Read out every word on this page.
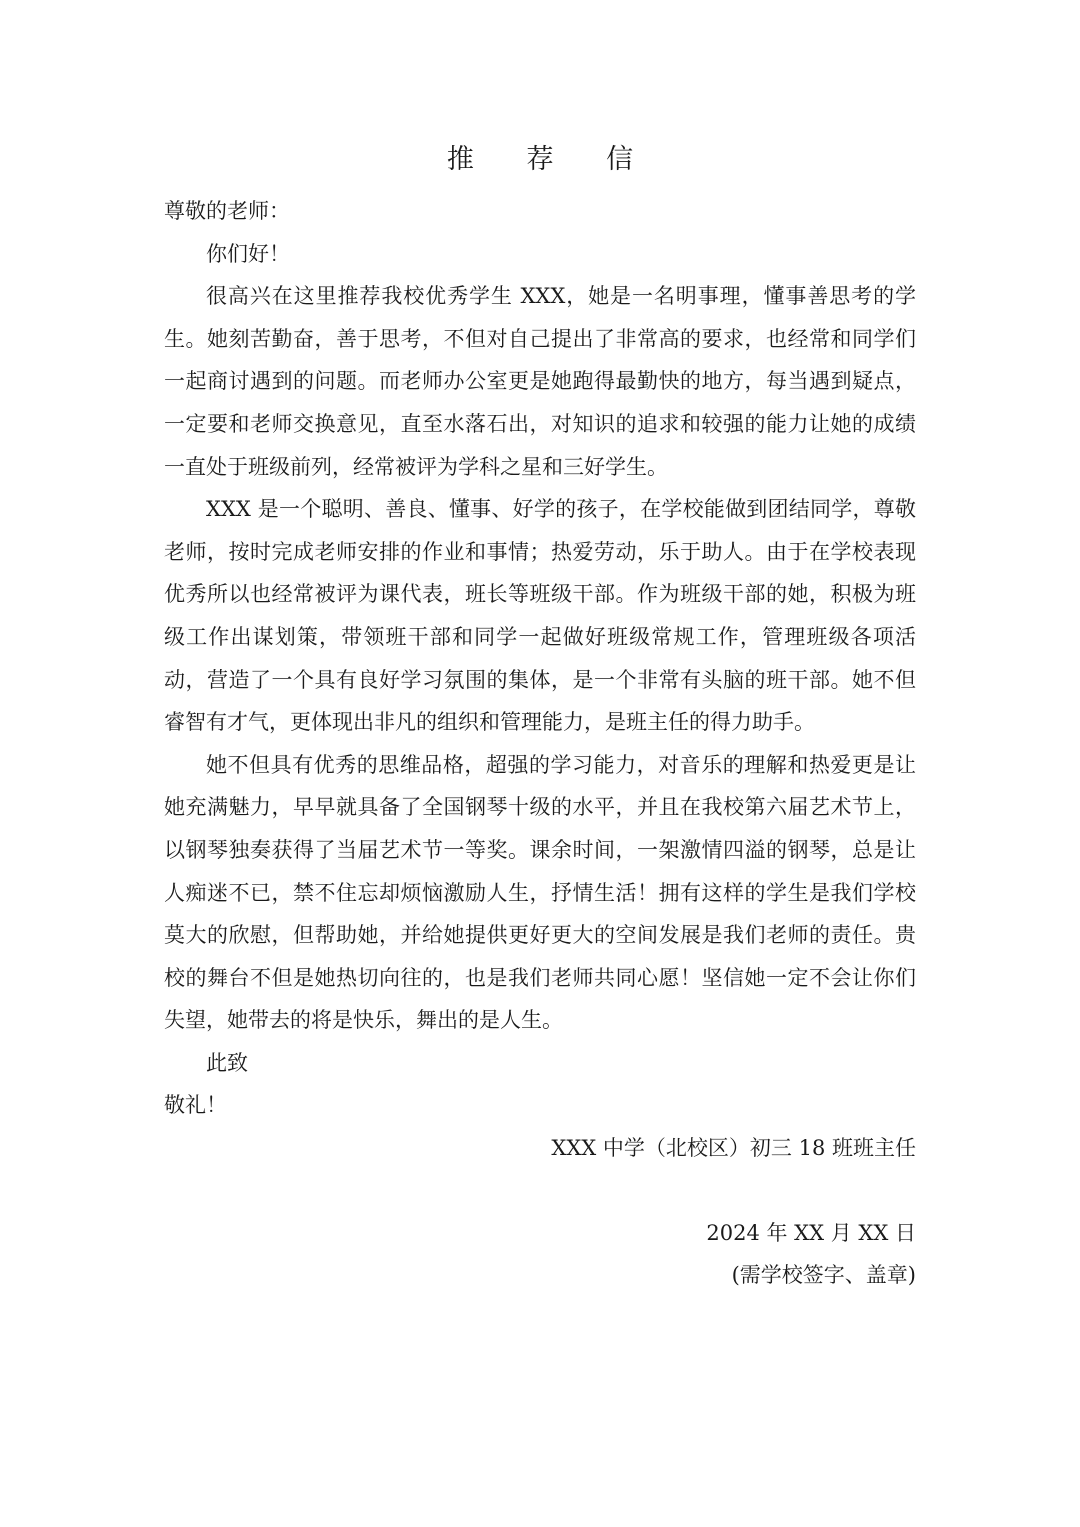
推 荐 信

尊敬的老师：

你们好！

很高兴在这里推荐我校优秀学生 XXX，她是一名明事理，懂事善思考的学生。她刻苦勤奋，善于思考，不但对自己提出了非常高的要求，也经常和同学们一起商讨遇到的问题。而老师办公室更是她跑得最勤快的地方，每当遇到疑点，一定要和老师交换意见，直至水落石出，对知识的追求和较强的能力让她的成绩一直处于班级前列，经常被评为学科之星和三好学生。

XXX 是一个聪明、善良、懂事、好学的孩子，在学校能做到团结同学，尊敬老师，按时完成老师安排的作业和事情；热爱劳动，乐于助人。由于在学校表现优秀所以也经常被评为课代表，班长等班级干部。作为班级干部的她，积极为班级工作出谋划策，带领班干部和同学一起做好班级常规工作，管理班级各项活动，营造了一个具有良好学习氛围的集体，是一个非常有头脑的班干部。她不但睿智有才气，更体现出非凡的组织和管理能力，是班主任的得力助手。

她不但具有优秀的思维品格，超强的学习能力，对音乐的理解和热爱更是让她充满魅力，早早就具备了全国钢琴十级的水平，并且在我校第六届艺术节上，以钢琴独奏获得了当届艺术节一等奖。课余时间，一架激情四溢的钢琴，总是让人痴迷不已，禁不住忘却烦恼激励人生，抒情生活！拥有这样的学生是我们学校莫大的欣慰，但帮助她，并给她提供更好更大的空间发展是我们老师的责任。贵校的舞台不但是她热切向往的，也是我们老师共同心愿！坚信她一定不会让你们失望，她带去的将是快乐，舞出的是人生。

此致

敬礼！

XXX 中学（北校区）初三 18 班班主任

2024 年 XX 月 XX 日

(需学校签字、盖章)
